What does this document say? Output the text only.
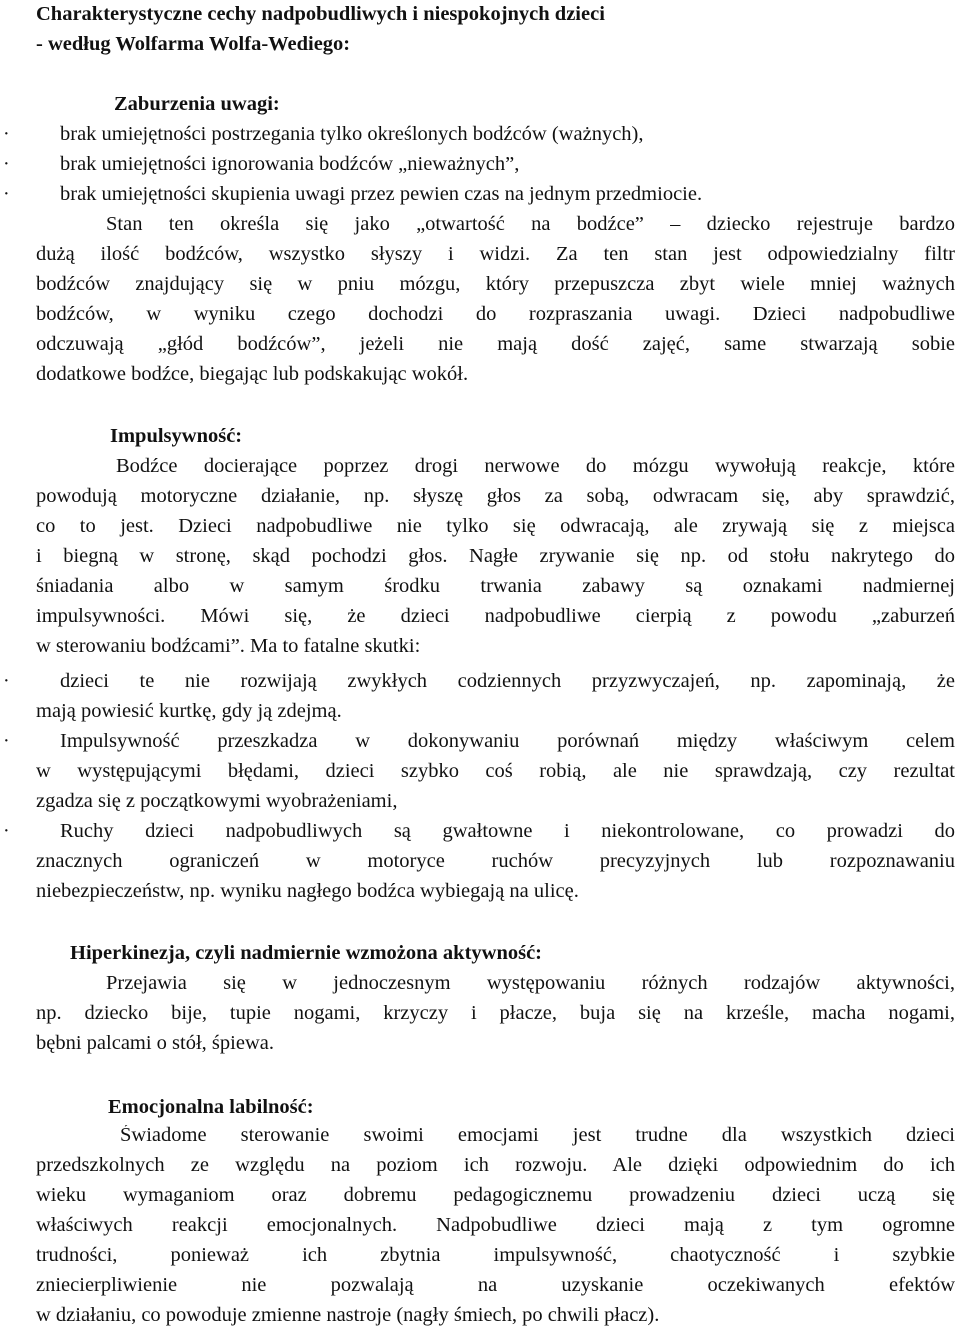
Charakterystyczne cechy nadpobudliwych i niespokojnych dzieci
- według Wolfarma Wolfa-Wediego:
Zaburzenia uwagi:
· brak umiejętności postrzegania tylko określonych bodźców (ważnych),
· brak umiejętności ignorowania bodźców „nieważnych”,
· brak umiejętności skupienia uwagi przez pewien czas na jednym przedmiocie.
Stan ten określa się jako „otwartość na bodźce” – dziecko rejestruje bardzo
dużą ilość bodźców, wszystko słyszy i widzi. Za ten stan jest odpowiedzialny filtr
bodźców znajdujący się w pniu mózgu, który przepuszcza zbyt wiele mniej ważnych
bodźców, w wyniku czego dochodzi do rozpraszania uwagi. Dzieci nadpobudliwe
odczuwają „głód bodźców”, jeżeli nie mają dość zajęć, same stwarzają sobie
dodatkowe bodźce, biegając lub podskakując wokół.
Impulsywność:
Bodźce docierające poprzez drogi nerwowe do mózgu wywołują reakcje, które
powodują motoryczne działanie, np. słyszę głos za sobą, odwracam się, aby sprawdzić,
co to jest. Dzieci nadpobudliwe nie tylko się odwracają, ale zrywają się z miejsca
i biegną w stronę, skąd pochodzi głos. Nagłe zrywanie się np. od stołu nakrytego do
śniadania albo w samym środku trwania zabawy są oznakami nadmiernej
impulsywności. Mówi się, że dzieci nadpobudliwe cierpią z powodu „zaburzeń
w sterowaniu bodźcami”. Ma to fatalne skutki:
· dzieci te nie rozwijają zwykłych codziennych przyzwyczajeń, np. zapominają, że
mają powiesić kurtkę, gdy ją zdejmą.
· Impulsywność przeszkadza w dokonywaniu porównań między właściwym celem
w występującymi błędami, dzieci szybko coś robią, ale nie sprawdzają, czy rezultat
zgadza się z początkowymi wyobrażeniami,
· Ruchy dzieci nadpobudliwych są gwałtowne i niekontrolowane, co prowadzi do
znacznych ograniczeń w motoryce ruchów precyzyjnych lub rozpoznawaniu
niebezpieczeństw, np. wyniku nagłego bodźca wybiegają na ulicę.
Hiperkinezja, czyli nadmiernie wzmożona aktywność:
Przejawia się w jednoczesnym występowaniu różnych rodzajów aktywności,
np. dziecko bije, tupie nogami, krzyczy i płacze, buja się na krześle, macha nogami,
bębni palcami o stół, śpiewa.
Emocjonalna labilność:
Świadome sterowanie swoimi emocjami jest trudne dla wszystkich dzieci
przedszkolnych ze względu na poziom ich rozwoju. Ale dzięki odpowiednim do ich
wieku wymaganiom oraz dobremu pedagogicznemu prowadzeniu dzieci uczą się
właściwych reakcji emocjonalnych. Nadpobudliwe dzieci mają z tym ogromne
trudności, ponieważ ich zbytnia impulsywność, chaotyczność i szybkie
zniecierpliwienie nie pozwalają na uzyskanie oczekiwanych efektów
w działaniu, co powoduje zmienne nastroje (nagły śmiech, po chwili płacz).
